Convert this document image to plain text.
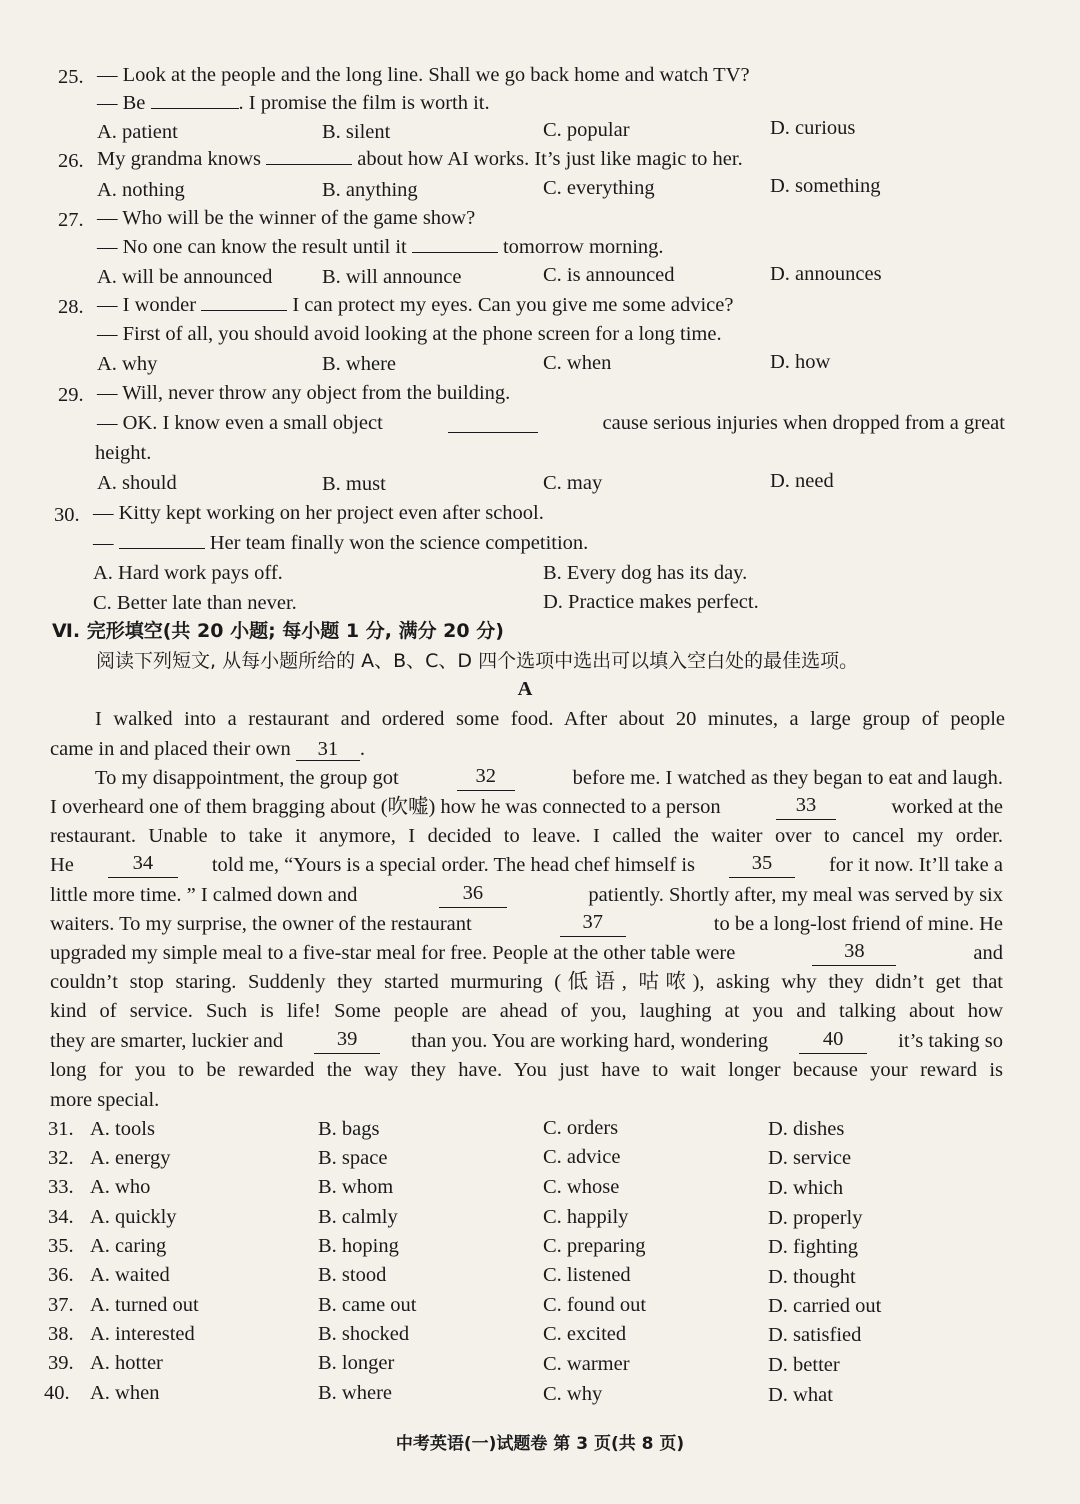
25. — Look at the people and the long line. Shall we go back home and watch TV?
— Be	. I promise the film is worth it.
A. patient	B. silent	C. popular	D. curious
26. My grandma knows	about how AI works. It’s just like magic to her.
A. nothing	B. anything	C. everything	D. something
27. — Who will be the winner of the game show?
— No one can know the result until it	tomorrow morning.
A. will be announced B. will announce	C. is announced	D. announces
28. — I wonder	I can protect my eyes. Can you give me some advice?
— First of all, you should avoid looking at the phone screen for a long time.
A. why	B. where	C. when	D. how
29. — Will, never throw any object from the building.
— OK. I know even a small object	cause serious injuries when dropped from a great
height.
A. should	B. must	C. may	D. need
30. — Kitty kept working on her project even after school.
—	Her team finally won the science competition.
A. Hard work pays off.	B. Every dog has its day.
C. Better late than never.	D. Practice makes perfect.
Ⅵ. 完形填空(共 20 小题; 每小题 1 分, 满分 20 分)
阅读下列短文, 从每小题所给的 A、B、C、D 四个选项中选出可以填入空白处的最佳选项。
A
I walked into a restaurant and ordered some food. After about 20 minutes, a large group of people
came in and placed their own 31 .
To my disappointment, the group got	32	before me. I watched as they began to eat and laugh.
I overheard one of them bragging about (吹嘘) how he was connected to a person	33	worked at the
restaurant. Unable to take it anymore, I decided to leave. I called the waiter over to cancel my order.
He	34	told me, “Yours is a special order. The head chef himself is	35	for it now. It’ll take a
little more time. ” I calmed down and	36	patiently. Shortly after, my meal was served by six
waiters. To my surprise, the owner of the restaurant	37	to be a long-lost friend of mine. He
upgraded my simple meal to a five-star meal for free. People at the other table were	38	and
couldn’t stop staring. Suddenly they started murmuring (低语, 咕哝), asking why they didn’t get that
kind of service. Such is life! Some people are ahead of you, laughing at you and talking about how
they are smarter, luckier and	39	than you. You are working hard, wondering	40	it’s taking so
long for you to be rewarded the way they have. You just have to wait longer because your reward is
more special.
31. A. tools	B. bags	C. orders	D. dishes
32. A. energy	B. space	C. advice	D. service
33. A. who	B. whom	C. whose	D. which
34. A. quickly	B. calmly	C. happily	D. properly
35. A. caring	B. hoping	C. preparing	D. fighting
36. A. waited	B. stood	C. listened	D. thought
37. A. turned out	B. came out	C. found out	D. carried out
38. A. interested	B. shocked	C. excited	D. satisfied
39. A. hotter	B. longer	C. warmer	D. better
40. A. when	B. where	C. why	D. what
中考英语(一)试题卷 第 3 页(共 8 页)
